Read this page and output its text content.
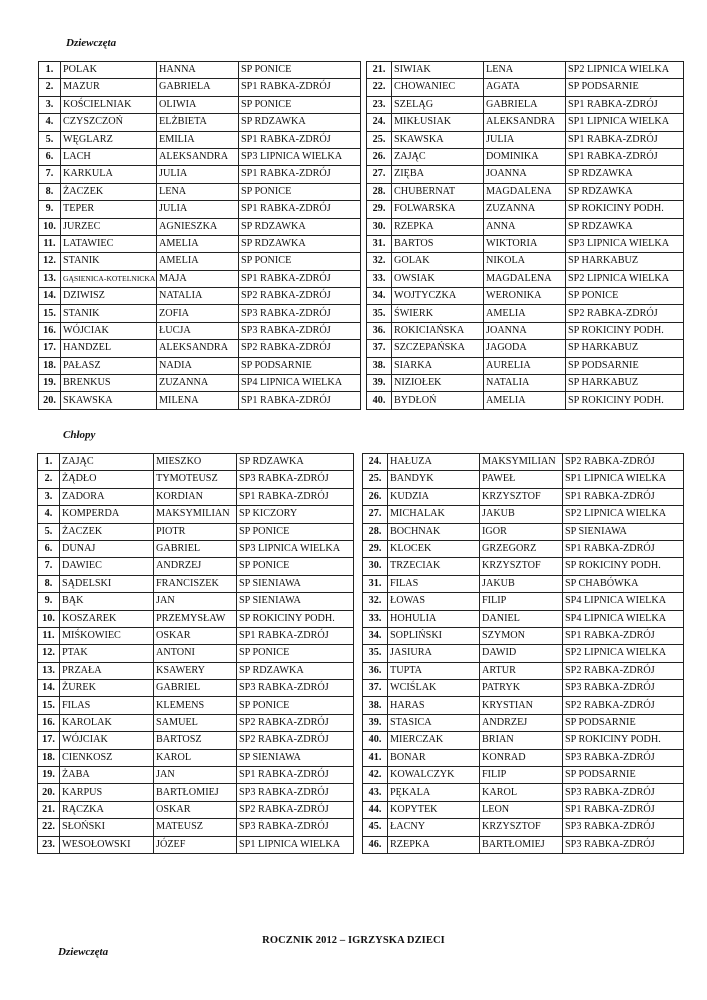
Dziewczęta
1.	POLAK	HANNA	SP PONICE
2.	MAZUR	GABRIELA	SP1 RABKA-ZDRÓJ
3.	KOŚCIELNIAK	OLIWIA	SP PONICE
4.	CZYSZCZOŃ	ELŻBIETA	SP RDZAWKA
5.	WĘGLARZ	EMILIA	SP1 RABKA-ZDRÓJ
6.	LACH	ALEKSANDRA	SP3 LIPNICA WIELKA
7.	KARKULA	JULIA	SP1 RABKA-ZDRÓJ
8.	ŻACZEK	LENA	SP PONICE
9.	TEPER	JULIA	SP1 RABKA-ZDRÓJ
10.	JURZEC	AGNIESZKA	SP RDZAWKA
11.	LATAWIEC	AMELIA	SP RDZAWKA
12.	STANIK	AMELIA	SP PONICE
13.	GĄSIENICA-KOTELNICKA	MAJA	SP1 RABKA-ZDRÓJ
14.	DZIWISZ	NATALIA	SP2 RABKA-ZDRÓJ
15.	STANIK	ZOFIA	SP3 RABKA-ZDRÓJ
16.	WÓJCIAK	ŁUCJA	SP3 RABKA-ZDRÓJ
17.	HANDZEL	ALEKSANDRA	SP2 RABKA-ZDRÓJ
18.	PAŁASZ	NADIA	SP PODSARNIE
19.	BRENKUS	ZUZANNA	SP4 LIPNICA WIELKA
20.	SKAWSKA	MILENA	SP1 RABKA-ZDRÓJ
21.	SIWIAK	LENA	SP2 LIPNICA WIELKA
22.	CHOWANIEC	AGATA	SP PODSARNIE
23.	SZELĄG	GABRIELA	SP1 RABKA-ZDRÓJ
24.	MIKŁUSIAK	ALEKSANDRA	SP1 LIPNICA WIELKA
25.	SKAWSKA	JULIA	SP1 RABKA-ZDRÓJ
26.	ZAJĄC	DOMINIKA	SP1 RABKA-ZDRÓJ
27.	ZIĘBA	JOANNA	SP RDZAWKA
28.	CHUBERNAT	MAGDALENA	SP RDZAWKA
29.	FOLWARSKA	ZUZANNA	SP ROKICINY PODH.
30.	RZEPKA	ANNA	SP RDZAWKA
31.	BARTOS	WIKTORIA	SP3 LIPNICA WIELKA
32.	GOLAK	NIKOLA	SP HARKABUZ
33.	OWSIAK	MAGDALENA	SP2 LIPNICA WIELKA
34.	WOJTYCZKA	WERONIKA	SP PONICE
35.	ŚWIERK	AMELIA	SP2 RABKA-ZDRÓJ
36.	ROKICIAŃSKA	JOANNA	SP ROKICINY PODH.
37.	SZCZEPAŃSKA	JAGODA	SP HARKABUZ
38.	SIARKA	AURELIA	SP PODSARNIE
39.	NIZIOŁEK	NATALIA	SP HARKABUZ
40.	BYDŁOŃ	AMELIA	SP ROKICINY PODH.
Chłopy
1.	ZAJĄC	MIESZKO	SP RDZAWKA
2.	ŻĄDŁO	TYMOTEUSZ	SP3 RABKA-ZDRÓJ
3.	ZADORA	KORDIAN	SP1 RABKA-ZDRÓJ
4.	KOMPERDA	MAKSYMILIAN	SP KICZORY
5.	ŻACZEK	PIOTR	SP PONICE
6.	DUNAJ	GABRIEL	SP3 LIPNICA WIELKA
7.	DAWIEC	ANDRZEJ	SP PONICE
8.	SĄDELSKI	FRANCISZEK	SP SIENIAWA
9.	BĄK	JAN	SP SIENIAWA
10.	KOSZAREK	PRZEMYSŁAW	SP ROKICINY PODH.
11.	MIŚKOWIEC	OSKAR	SP1 RABKA-ZDRÓJ
12.	PTAK	ANTONI	SP PONICE
13.	PRZAŁA	KSAWERY	SP RDZAWKA
14.	ŻUREK	GABRIEL	SP3 RABKA-ZDRÓJ
15.	FILAS	KLEMENS	SP PONICE
16.	KAROLAK	SAMUEL	SP2 RABKA-ZDRÓJ
17.	WÓJCIAK	BARTOSZ	SP2 RABKA-ZDRÓJ
18.	CIENKOSZ	KAROL	SP SIENIAWA
19.	ŻABA	JAN	SP1 RABKA-ZDRÓJ
20.	KARPUS	BARTŁOMIEJ	SP3 RABKA-ZDRÓJ
21.	RĄCZKA	OSKAR	SP2 RABKA-ZDRÓJ
22.	SŁOŃSKI	MATEUSZ	SP3 RABKA-ZDRÓJ
23.	WESOŁOWSKI	JÓZEF	SP1 LIPNICA WIELKA
24.	HAŁUZA	MAKSYMILIAN	SP2 RABKA-ZDRÓJ
25.	BANDYK	PAWEŁ	SP1 LIPNICA WIELKA
26.	KUDZIA	KRZYSZTOF	SP1 RABKA-ZDRÓJ
27.	MICHALAK	JAKUB	SP2 LIPNICA WIELKA
28.	BOCHNAK	IGOR	SP SIENIAWA
29.	KLOCEK	GRZEGORZ	SP1 RABKA-ZDRÓJ
30.	TRZECIAK	KRZYSZTOF	SP ROKICINY PODH.
31.	FILAS	JAKUB	SP CHABÓWKA
32.	ŁOWAS	FILIP	SP4 LIPNICA WIELKA
33.	HOHULIA	DANIEL	SP4 LIPNICA WIELKA
34.	SOPLIŃSKI	SZYMON	SP1 RABKA-ZDRÓJ
35.	JASIURA	DAWID	SP2 LIPNICA WIELKA
36.	TUPTA	ARTUR	SP2 RABKA-ZDRÓJ
37.	WCIŚLAK	PATRYK	SP3 RABKA-ZDRÓJ
38.	HARAS	KRYSTIAN	SP2 RABKA-ZDRÓJ
39.	STASICA	ANDRZEJ	SP PODSARNIE
40.	MIERCZAK	BRIAN	SP ROKICINY PODH.
41.	BONAR	KONRAD	SP3 RABKA-ZDRÓJ
42.	KOWALCZYK	FILIP	SP PODSARNIE
43.	PĘKALA	KAROL	SP3 RABKA-ZDRÓJ
44.	KOPYTEK	LEON	SP1 RABKA-ZDRÓJ
45.	ŁACNY	KRZYSZTOF	SP3 RABKA-ZDRÓJ
46.	RZEPKA	BARTŁOMIEJ	SP3 RABKA-ZDRÓJ
ROCZNIK 2012 – IGRZYSKA DZIECI
Dziewczęta
